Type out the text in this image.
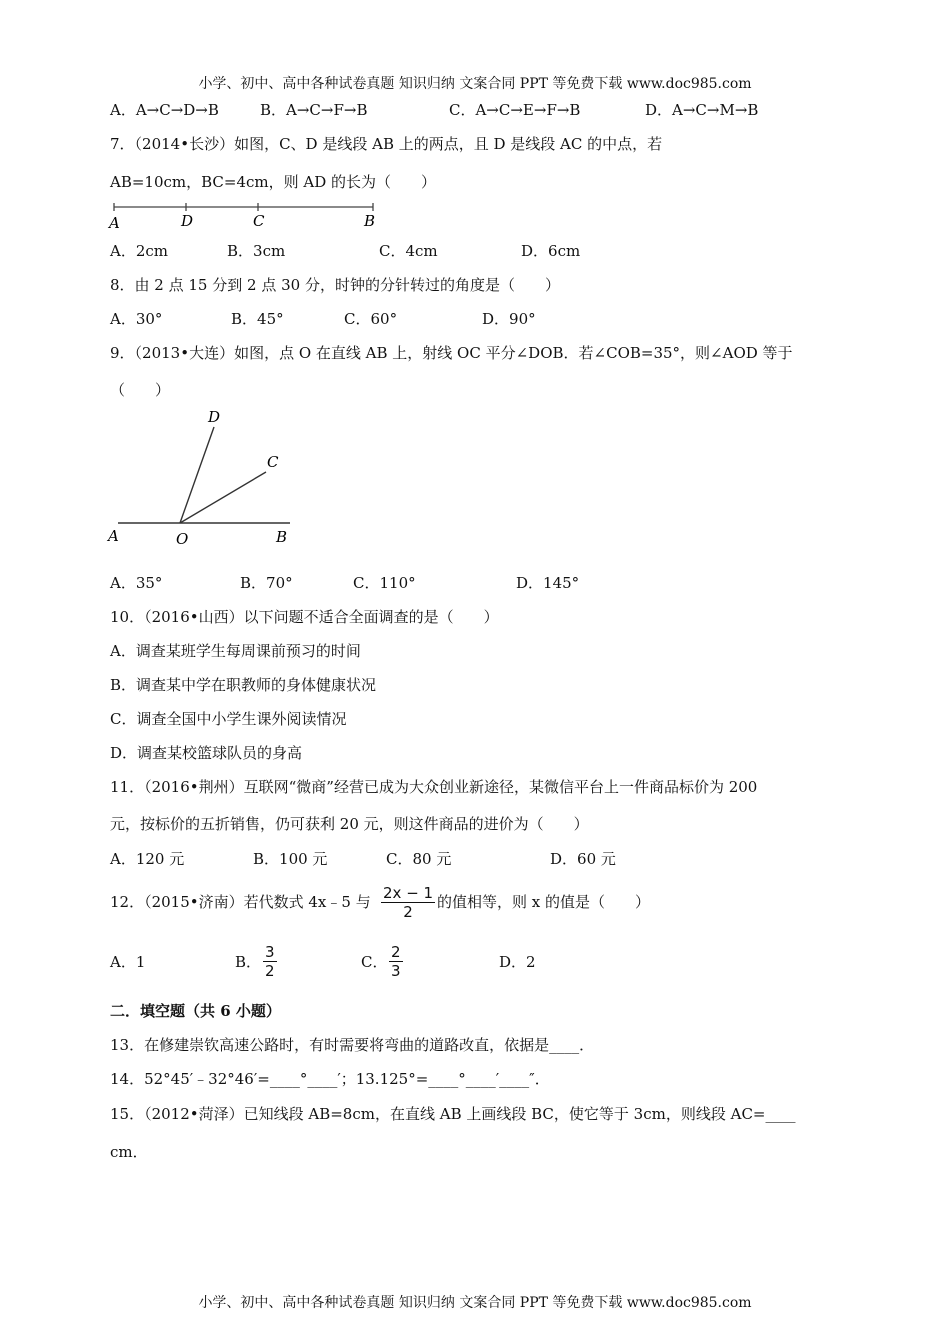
小学、初中、高中各种试卷真题 知识归纳 文案合同 PPT 等免费下载 www.doc985.com
A．A→C→D→B	B．A→C→F→B	C．A→C→E→F→B	D．A→C→M→B
7．（2014•长沙）如图，C、D 是线段 AB 上的两点，且 D 是线段 AC 的中点，若
AB=10cm，BC=4cm，则 AD 的长为（　　）
A	D	C	B
A．2cm	B．3cm	C．4cm	D．6cm
8．由 2 点 15 分到 2 点 30 分，时钟的分针转过的角度是（　　）
A．30°	B．45°	C．60°	D．90°
9．（2013•大连）如图，点 O 在直线 AB 上，射线 OC 平分∠DOB．若∠COB=35°，则∠AOD 等于
（　　）
D
C
A	O	B
A．35°	B．70°	C．110°	D．145°
10．（2016•山西）以下问题不适合全面调查的是（　　）
A．调查某班学生每周课前预习的时间
B．调查某中学在职教师的身体健康状况
C．调查全国中小学生课外阅读情况
D．调查某校篮球队员的身高
11．（2016•荆州）互联网“微商”经营已成为大众创业新途径，某微信平台上一件商品标价为 200
元，按标价的五折销售，仍可获利 20 元，则这件商品的进价为（　　）
A．120 元	B．100 元	C．80 元	D．60 元
12．（2015•济南）若代数式 4x﹣5 与 $\frac{2x - 1}{2}$ 的值相等，则 x 的值是（　　）
A．1	B． $\frac{3}{2}$	C． $\frac{2}{3}$	D．2
二．填空题（共 6 小题）
13．在修建崇钦高速公路时，有时需要将弯曲的道路改直，依据是____．
14．52°45′﹣32°46′=____°____′；13.125°=____°____′____″．
15．（2012•菏泽）已知线段 AB=8cm，在直线 AB 上画线段 BC，使它等于 3cm，则线段 AC=____
cm．
小学、初中、高中各种试卷真题 知识归纳 文案合同 PPT 等免费下载 www.doc985.com
